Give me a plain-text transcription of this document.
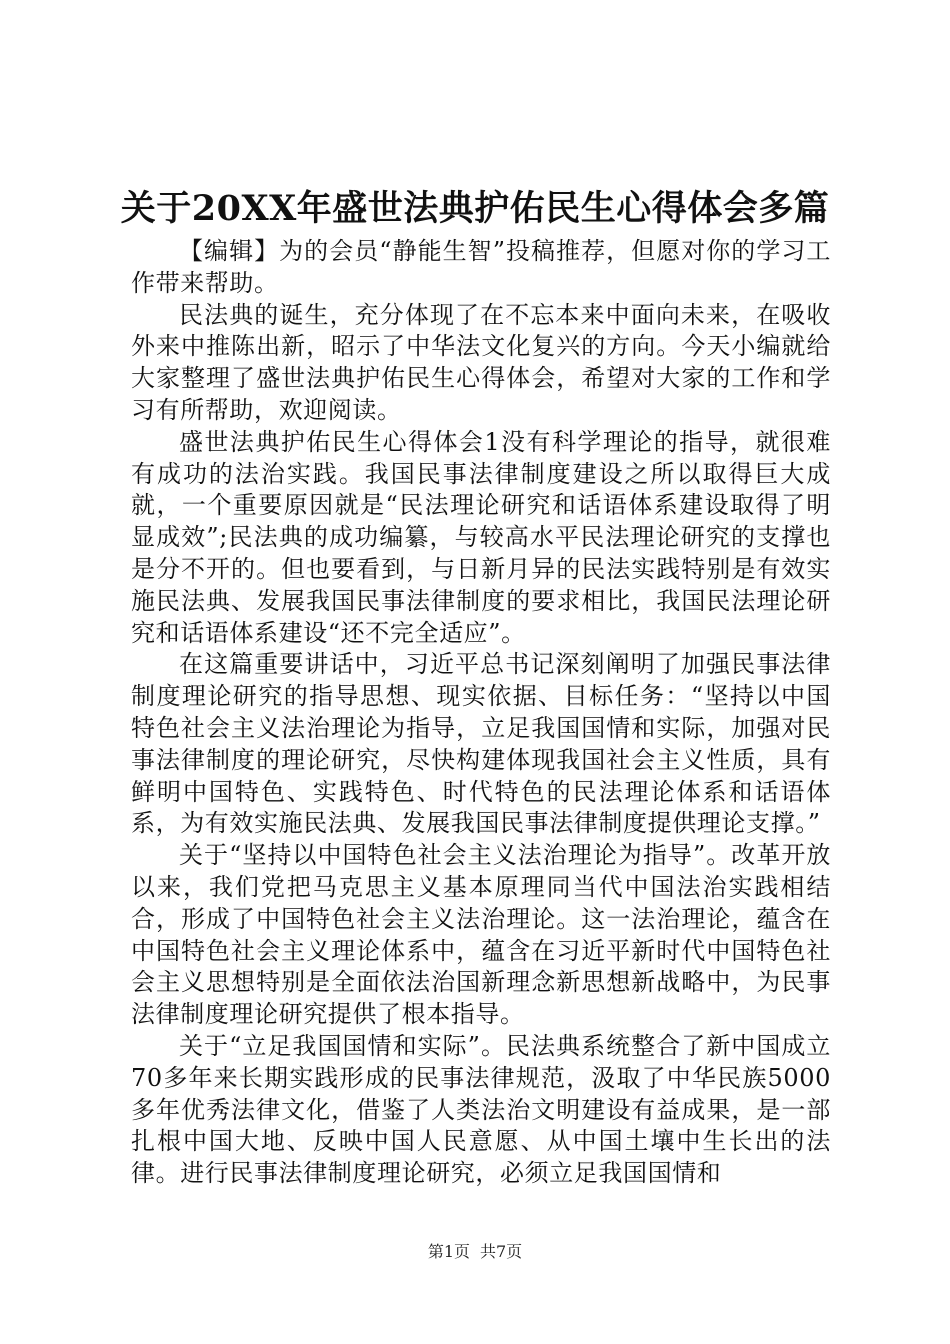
关于20XX年盛世法典护佑民生心得体会多篇

【编辑】为的会员“静能生智”投稿推荐，但愿对你的学习工作带来帮助。

民法典的诞生，充分体现了在不忘本来中面向未来，在吸收外来中推陈出新，昭示了中华法文化复兴的方向。今天小编就给大家整理了盛世法典护佑民生心得体会，希望对大家的工作和学习有所帮助，欢迎阅读。

盛世法典护佑民生心得体会1没有科学理论的指导，就很难有成功的法治实践。我国民事法律制度建设之所以取得巨大成就，一个重要原因就是“民法理论研究和话语体系建设取得了明显成效”;民法典的成功编纂，与较高水平民法理论研究的支撑也是分不开的。但也要看到，与日新月异的民法实践特别是有效实施民法典、发展我国民事法律制度的要求相比，我国民法理论研究和话语体系建设“还不完全适应”。

在这篇重要讲话中，习近平总书记深刻阐明了加强民事法律制度理论研究的指导思想、现实依据、目标任务：“坚持以中国特色社会主义法治理论为指导，立足我国国情和实际，加强对民事法律制度的理论研究，尽快构建体现我国社会主义性质，具有鲜明中国特色、实践特色、时代特色的民法理论体系和话语体系，为有效实施民法典、发展我国民事法律制度提供理论支撑。”

关于“坚持以中国特色社会主义法治理论为指导”。改革开放以来，我们党把马克思主义基本原理同当代中国法治实践相结合，形成了中国特色社会主义法治理论。这一法治理论，蕴含在中国特色社会主义理论体系中，蕴含在习近平新时代中国特色社会主义思想特别是全面依法治国新理念新思想新战略中，为民事法律制度理论研究提供了根本指导。

关于“立足我国国情和实际”。民法典系统整合了新中国成立70多年来长期实践形成的民事法律规范，汲取了中华民族5000多年优秀法律文化，借鉴了人类法治文明建设有益成果，是一部扎根中国大地、反映中国人民意愿、从中国土壤中生长出的法律。进行民事法律制度理论研究，必须立足我国国情和

第1页 共7页
